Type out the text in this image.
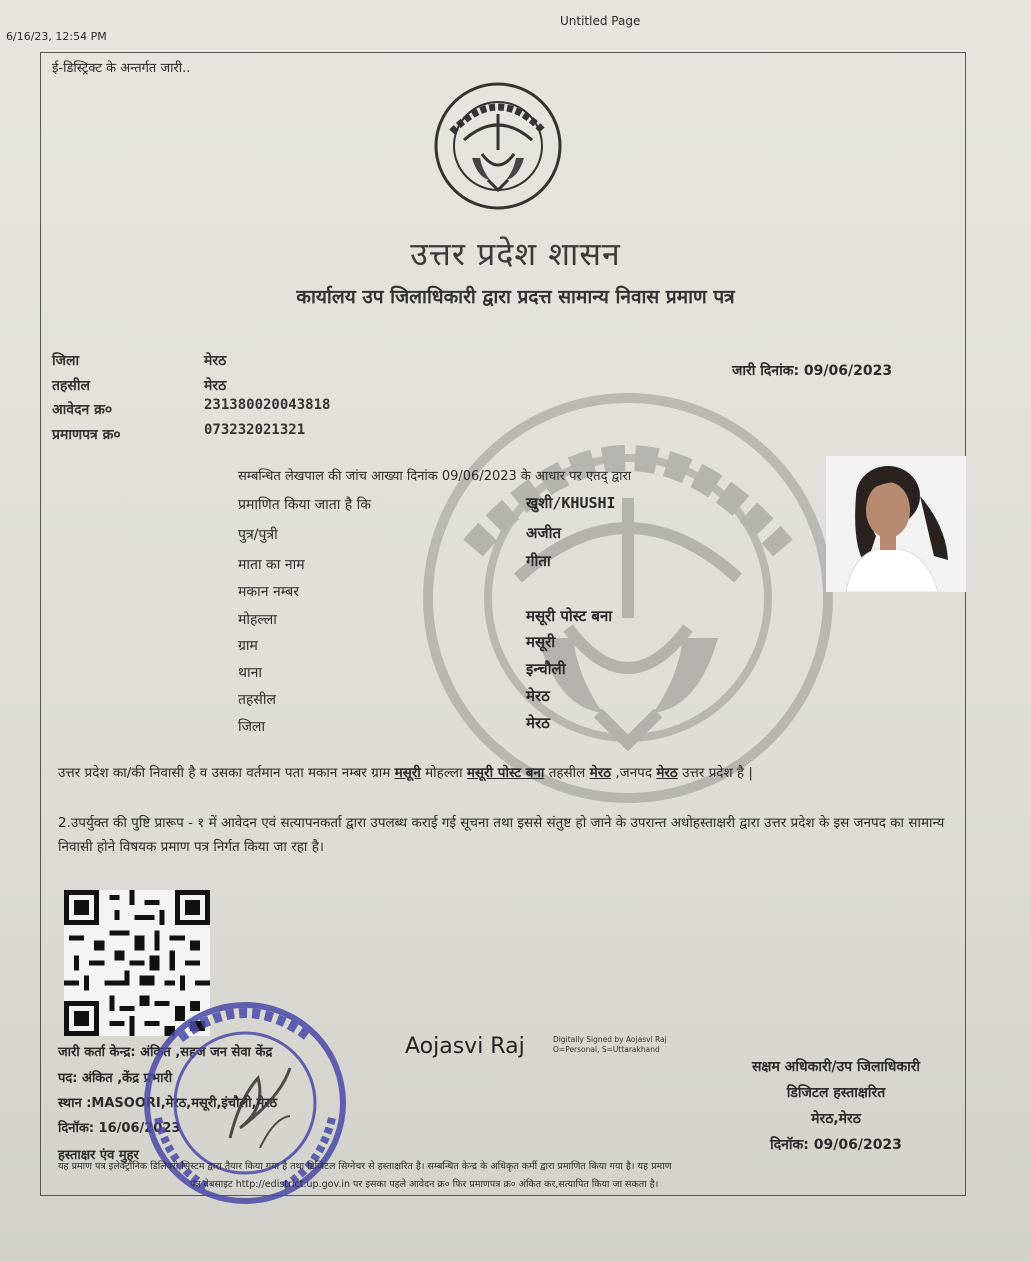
6/16/23, 12:54 PM
Untitled Page
ई-डिस्ट्रिक्ट के अन्तर्गत जारी..
उत्तर प्रदेश शासन
कार्यालय उप जिलाधिकारी द्वारा प्रदत्त सामान्य निवास प्रमाण पत्र
जिला	मेरठ
तहसील	मेरठ
आवेदन क्र०	231380020043818
प्रमाणपत्र क्र०	073232021321
जारी दिनांक: 09/06/2023
सम्बन्धित लेखपाल की जांच आख्या दिनांक 09/06/2023 के आधार पर एतद् द्वारा
प्रमाणित किया जाता है कि	खुशी/KHUSHI
पुत्र/पुत्री	अजीत
माता का नाम	गीता
मकान नम्बर
मोहल्ला	मसूरी पोस्ट बना
ग्राम	मसूरी
थाना	इन्चौली
तहसील	मेरठ
जिला	मेरठ
उत्तर प्रदेश का/की निवासी है व उसका वर्तमान पता मकान नम्बर ग्राम मसूरी मोहल्ला मसूरी पोस्ट बना तहसील मेरठ ,जनपद मेरठ उत्तर प्रदेश है |
2.उपर्युक्त की पुष्टि प्रारूप - १ में आवेदन एवं सत्यापनकर्ता द्वारा उपलब्ध कराई गई सूचना तथा इससे संतुष्ट हो जाने के उपरान्त अधोहस्ताक्षरी द्वारा उत्तर प्रदेश के इस जनपद का सामान्य निवासी होने विषयक प्रमाण पत्र निर्गत किया जा रहा है।
जारी कर्ता केन्द्र: अंकित ,सहज जन सेवा केंद्र
पद: अंकित ,केंद्र प्रभारी
स्थान :MASOORI,मेरठ,मसूरी,इंचौली,मेरठ
दिनॉक: 16/06/2023
हस्ताक्षर एंव मुहर
Aojasvi Raj	Digitally Signed by Aojasvi Raj
O=Personal, S=Uttarakhand
सक्षम अधिकारी/उप जिलाधिकारी
डिजिटल हस्ताक्षरित
मेरठ,मेरठ
दिनॉक: 09/06/2023
यह प्रमाण पत्र इलेक्ट्रॉनिक डिलिवरी सिस्टम द्वारा तैयार किया गया है तथा डिजिटल सिग्नेचर से हस्ताक्षरित है। सम्बन्धित केन्द्र के अधिकृत कर्मी द्वारा प्रमाणित किया गया है। यह प्रमाण
पत्र वेबसाइट http://edistrict.up.gov.in पर इसका पहले आवेदन क्र० फिर प्रमाणपत्र क्र० अंकित कर,सत्यापित किया जा सकता है।
